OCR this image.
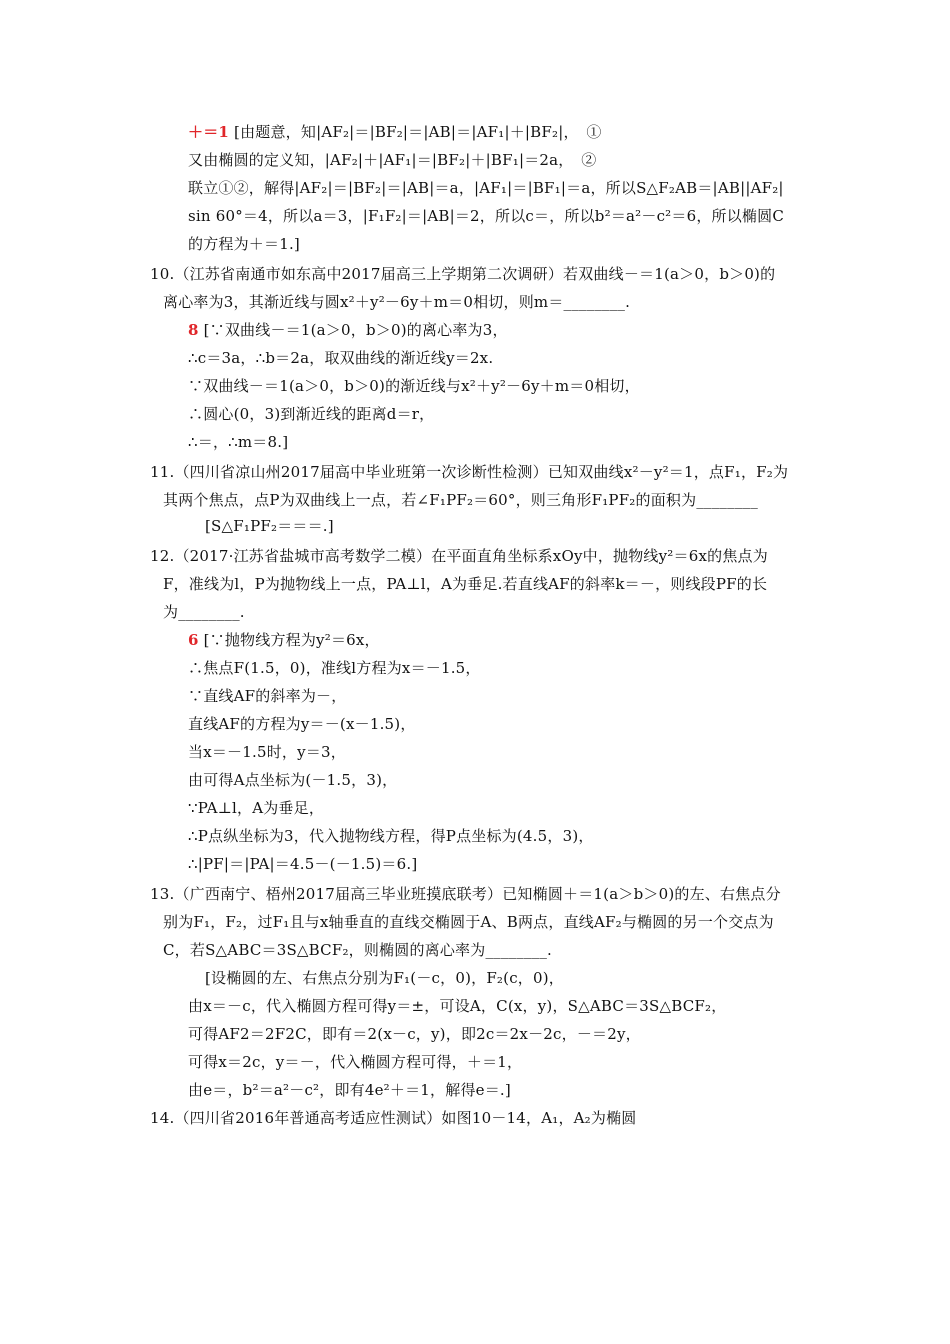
＋＝1 [由题意，知|AF₂|＝|BF₂|＝|AB|＝|AF₁|＋|BF₂|，　①
又由椭圆的定义知，|AF₂|＋|AF₁|＝|BF₂|＋|BF₁|＝2a，　②
联立①②，解得|AF₂|＝|BF₂|＝|AB|＝a，|AF₁|＝|BF₁|＝a，所以S△F₂AB＝|AB||AF₂|
sin 60°＝4，所以a＝3，|F₁F₂|＝|AB|＝2，所以c＝，所以b²＝a²－c²＝6，所以椭圆C
的方程为＋＝1.]
10.（江苏省南通市如东高中2017届高三上学期第二次调研）若双曲线－＝1(a＞0，b＞0)的
离心率为3，其渐近线与圆x²＋y²－6y＋m＝0相切，则m＝________.
8 [∵双曲线－＝1(a＞0，b＞0)的离心率为3，
∴c＝3a，∴b＝2a，取双曲线的渐近线y＝2x.
∵双曲线－＝1(a＞0，b＞0)的渐近线与x²＋y²－6y＋m＝0相切，
∴圆心(0，3)到渐近线的距离d＝r，
∴＝，∴m＝8.]
11.（四川省凉山州2017届高中毕业班第一次诊断性检测）已知双曲线x²－y²＝1，点F₁，F₂为
其两个焦点，点P为双曲线上一点，若∠F₁PF₂＝60°，则三角形F₁PF₂的面积为________
[S△F₁PF₂＝＝＝.]
12.（2017·江苏省盐城市高考数学二模）在平面直角坐标系xOy中，抛物线y²＝6x的焦点为
F，准线为l，P为抛物线上一点，PA⊥l，A为垂足.若直线AF的斜率k＝－，则线段PF的长
为________.
6 [∵抛物线方程为y²＝6x，
∴焦点F(1.5，0)，准线l方程为x＝－1.5，
∵直线AF的斜率为－，
直线AF的方程为y＝－(x－1.5)，
当x＝－1.5时，y＝3，
由可得A点坐标为(－1.5，3)，
∵PA⊥l，A为垂足，
∴P点纵坐标为3，代入抛物线方程，得P点坐标为(4.5，3)，
∴|PF|＝|PA|＝4.5－(－1.5)＝6.]
13.（广西南宁、梧州2017届高三毕业班摸底联考）已知椭圆＋＝1(a＞b＞0)的左、右焦点分
别为F₁，F₂，过F₁且与x轴垂直的直线交椭圆于A、B两点，直线AF₂与椭圆的另一个交点为
C，若S△ABC＝3S△BCF₂，则椭圆的离心率为________.
[设椭圆的左、右焦点分别为F₁(－c，0)，F₂(c，0)，
由x＝－c，代入椭圆方程可得y＝±，可设A，C(x，y)，S△ABC＝3S△BCF₂，
可得AF2＝2F2C，即有＝2(x－c，y)，即2c＝2x－2c，－＝2y，
可得x＝2c，y＝－，代入椭圆方程可得，＋＝1，
由e＝，b²＝a²－c²，即有4e²＋＝1，解得e＝.]
14.（四川省2016年普通高考适应性测试）如图10－14，A₁，A₂为椭圆
